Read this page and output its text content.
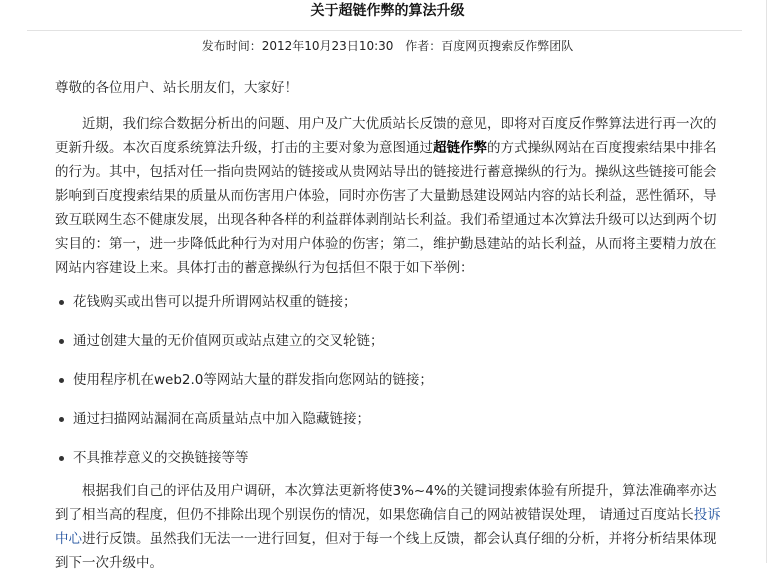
关于超链作弊的算法升级
发布时间：2012年10月23日10:30 作者：百度网页搜索反作弊团队

尊敬的各位用户、站长朋友们，大家好！

近期，我们综合数据分析出的问题、用户及广大优质站长反馈的意见，即将对百度反作弊算法进行再一次的更新升级。本次百度系统算法升级，打击的主要对象为意图通过超链作弊的方式操纵网站在百度搜索结果中排名的行为。其中，包括对任一指向贵网站的链接或从贵网站导出的链接进行蓄意操纵的行为。操纵这些链接可能会影响到百度搜索结果的质量从而伤害用户体验，同时亦伤害了大量勤恳建设网站内容的站长利益，恶性循环，导致互联网生态不健康发展，出现各种各样的利益群体剥削站长利益。我们希望通过本次算法升级可以达到两个切实目的：第一，进一步降低此种行为对用户体验的伤害；第二，维护勤恳建站的站长利益，从而将主要精力放在网站内容建设上来。具体打击的蓄意操纵行为包括但不限于如下举例：

花钱购买或出售可以提升所谓网站权重的链接；
通过创建大量的无价值网页或站点建立的交叉轮链；
使用程序机在web2.0等网站大量的群发指向您网站的链接；
通过扫描网站漏洞在高质量站点中加入隐藏链接；
不具推荐意义的交换链接等等

根据我们自己的评估及用户调研，本次算法更新将使3%~4%的关键词搜索体验有所提升，算法准确率亦达到了相当高的程度，但仍不排除出现个别误伤的情况，如果您确信自己的网站被错误处理， 请通过百度站长投诉中心进行反馈。虽然我们无法一一进行回复，但对于每一个线上反馈，都会认真仔细的分析，并将分析结果体现到下一次升级中。
